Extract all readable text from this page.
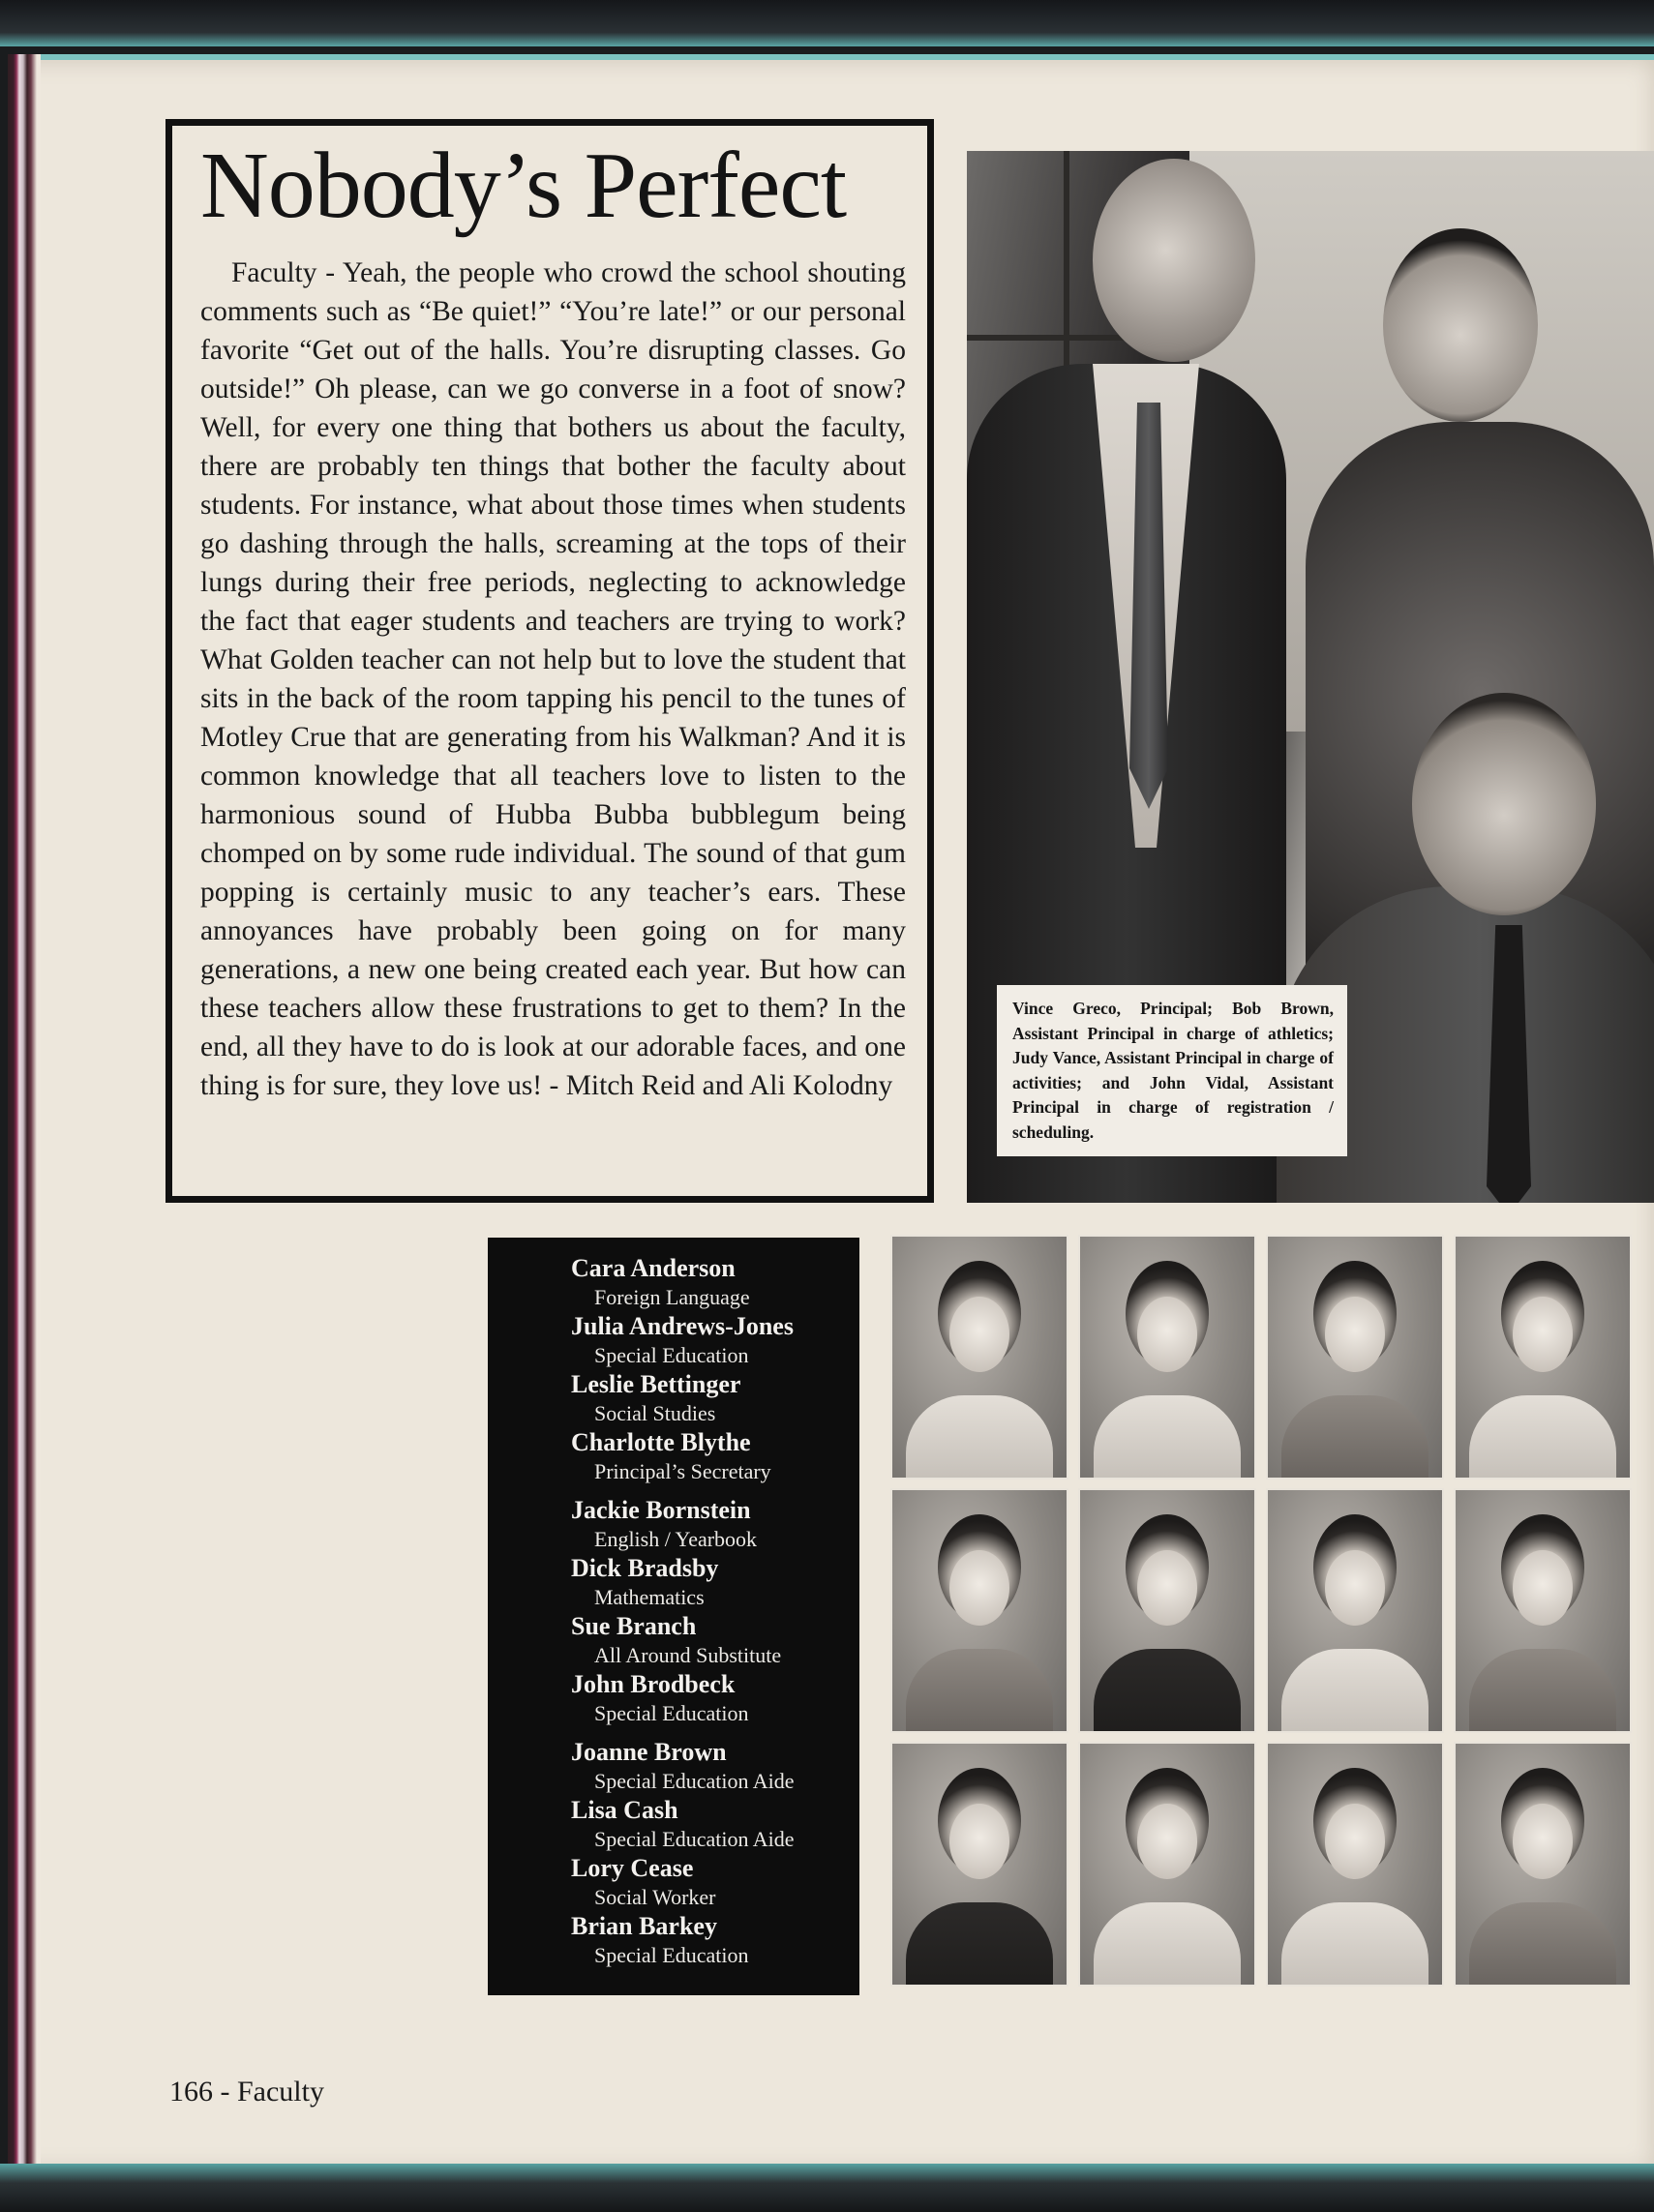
Nobody’s Perfect

Faculty - Yeah, the people who crowd the school shouting comments such as “Be quiet!” “You’re late!” or our personal favorite “Get out of the halls. You’re disrupting classes. Go outside!” Oh please, can we go converse in a foot of snow? Well, for every one thing that bothers us about the faculty, there are probably ten things that bother the faculty about students. For instance, what about those times when students go dashing through the halls, screaming at the tops of their lungs during their free periods, neglecting to acknowledge the fact that eager students and teachers are trying to work? What Golden teacher can not help but to love the student that sits in the back of the room tapping his pencil to the tunes of Motley Crue that are generating from his Walkman? And it is common knowledge that all teachers love to listen to the harmonious sound of Hubba Bubba bubblegum being chomped on by some rude individual. The sound of that gum popping is certainly music to any teacher’s ears. These annoyances have probably been going on for many generations, a new one being created each year. But how can these teachers allow these frustrations to get to them? In the end, all they have to do is look at our adorable faces, and one thing is for sure, they love us! - Mitch Reid and Ali Kolodny

Vince Greco, Principal; Bob Brown, Assistant Principal in charge of athletics; Judy Vance, Assistant Principal in charge of activities; and John Vidal, Assistant Principal in charge of registration / scheduling.

Cara Anderson
Foreign Language
Julia Andrews-Jones
Special Education
Leslie Bettinger
Social Studies
Charlotte Blythe
Principal’s Secretary
Jackie Bornstein
English / Yearbook
Dick Bradsby
Mathematics
Sue Branch
All Around Substitute
John Brodbeck
Special Education
Joanne Brown
Special Education Aide
Lisa Cash
Special Education Aide
Lory Cease
Social Worker
Brian Barkey
Special Education

166 - Faculty
